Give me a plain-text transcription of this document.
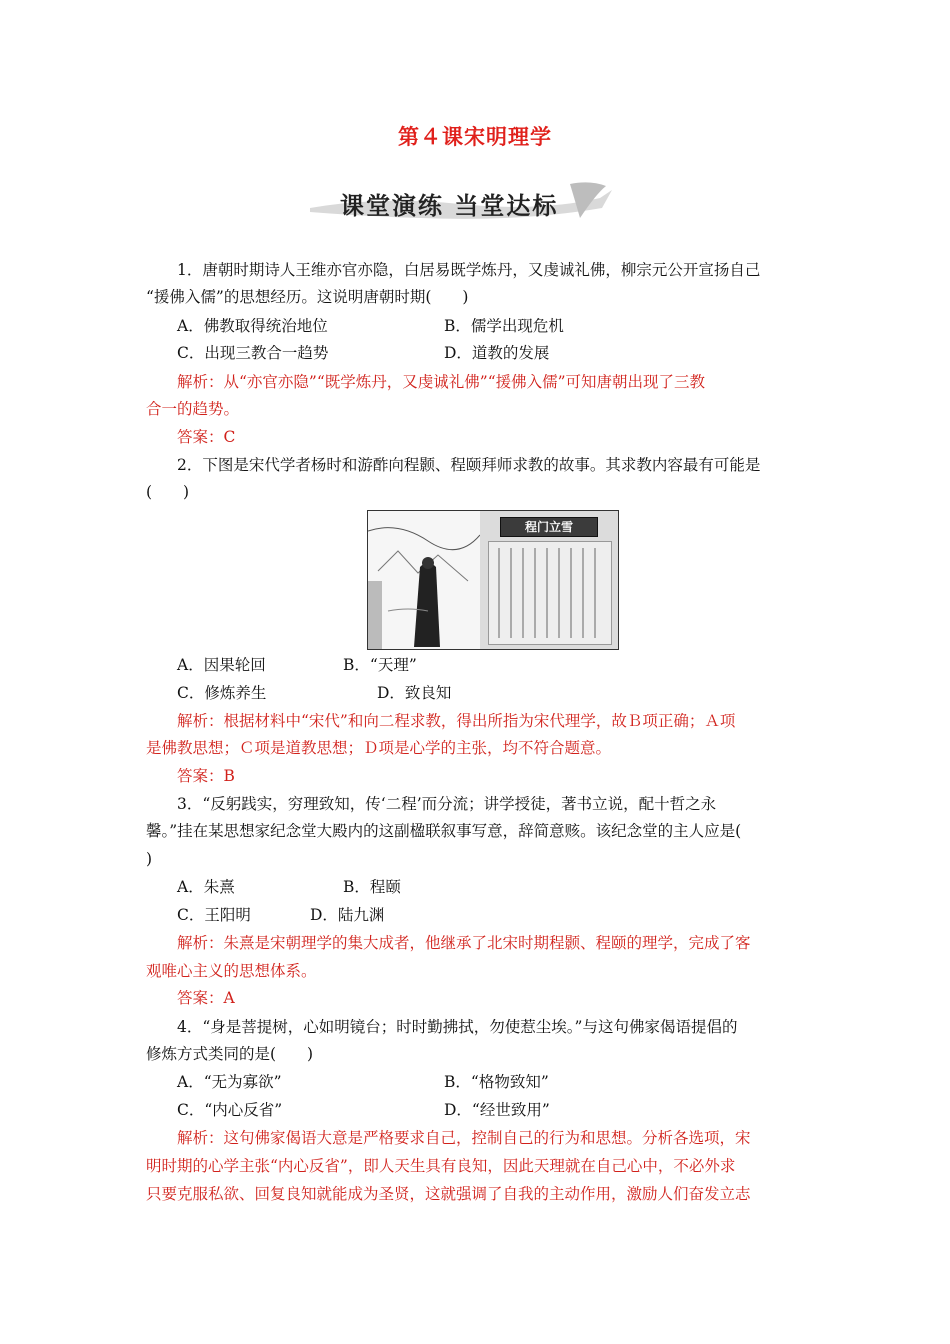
第４课宋明理学
课堂演练 当堂达标
1．唐朝时期诗人王维亦官亦隐，白居易既学炼丹，又虔诚礼佛，柳宗元公开宣扬自己
“援佛入儒”的思想经历。这说明唐朝时期(　　)
A．佛教取得统治地位	B．儒学出现危机
C．出现三教合一趋势	D．道教的发展
解析：从“亦官亦隐”“既学炼丹，又虔诚礼佛”“援佛入儒”可知唐朝出现了三教
合一的趋势。
答案：C
2．下图是宋代学者杨时和游酢向程颢、程颐拜师求教的故事。其求教内容最有可能是
(　　)
程门立雪
A．因果轮回	B．“天理”
C．修炼养生	D．致良知
解析：根据材料中“宋代”和向二程求教，得出所指为宋代理学，故Ｂ项正确；Ａ项
是佛教思想；Ｃ项是道教思想；Ｄ项是心学的主张，均不符合题意。
答案：B
3．“反躬践实，穷理致知，传‘二程’而分流；讲学授徒，著书立说，配十哲之永
馨。”挂在某思想家纪念堂大殿内的这副楹联叙事写意，辞简意赅。该纪念堂的主人应是(
)
A．朱熹	B．程颐
C．王阳明	D．陆九渊
解析：朱熹是宋朝理学的集大成者，他继承了北宋时期程颢、程颐的理学，完成了客
观唯心主义的思想体系。
答案：A
4．“身是菩提树，心如明镜台；时时勤拂拭，勿使惹尘埃。”与这句佛家偈语提倡的
修炼方式类同的是(　　)
A．“无为寡欲”	B．“格物致知”
C．“内心反省”	D．“经世致用”
解析：这句佛家偈语大意是严格要求自己，控制自己的行为和思想。分析各选项，宋
明时期的心学主张“内心反省”，即人天生具有良知，因此天理就在自己心中，不必外求
只要克服私欲、回复良知就能成为圣贤，这就强调了自我的主动作用，激励人们奋发立志
